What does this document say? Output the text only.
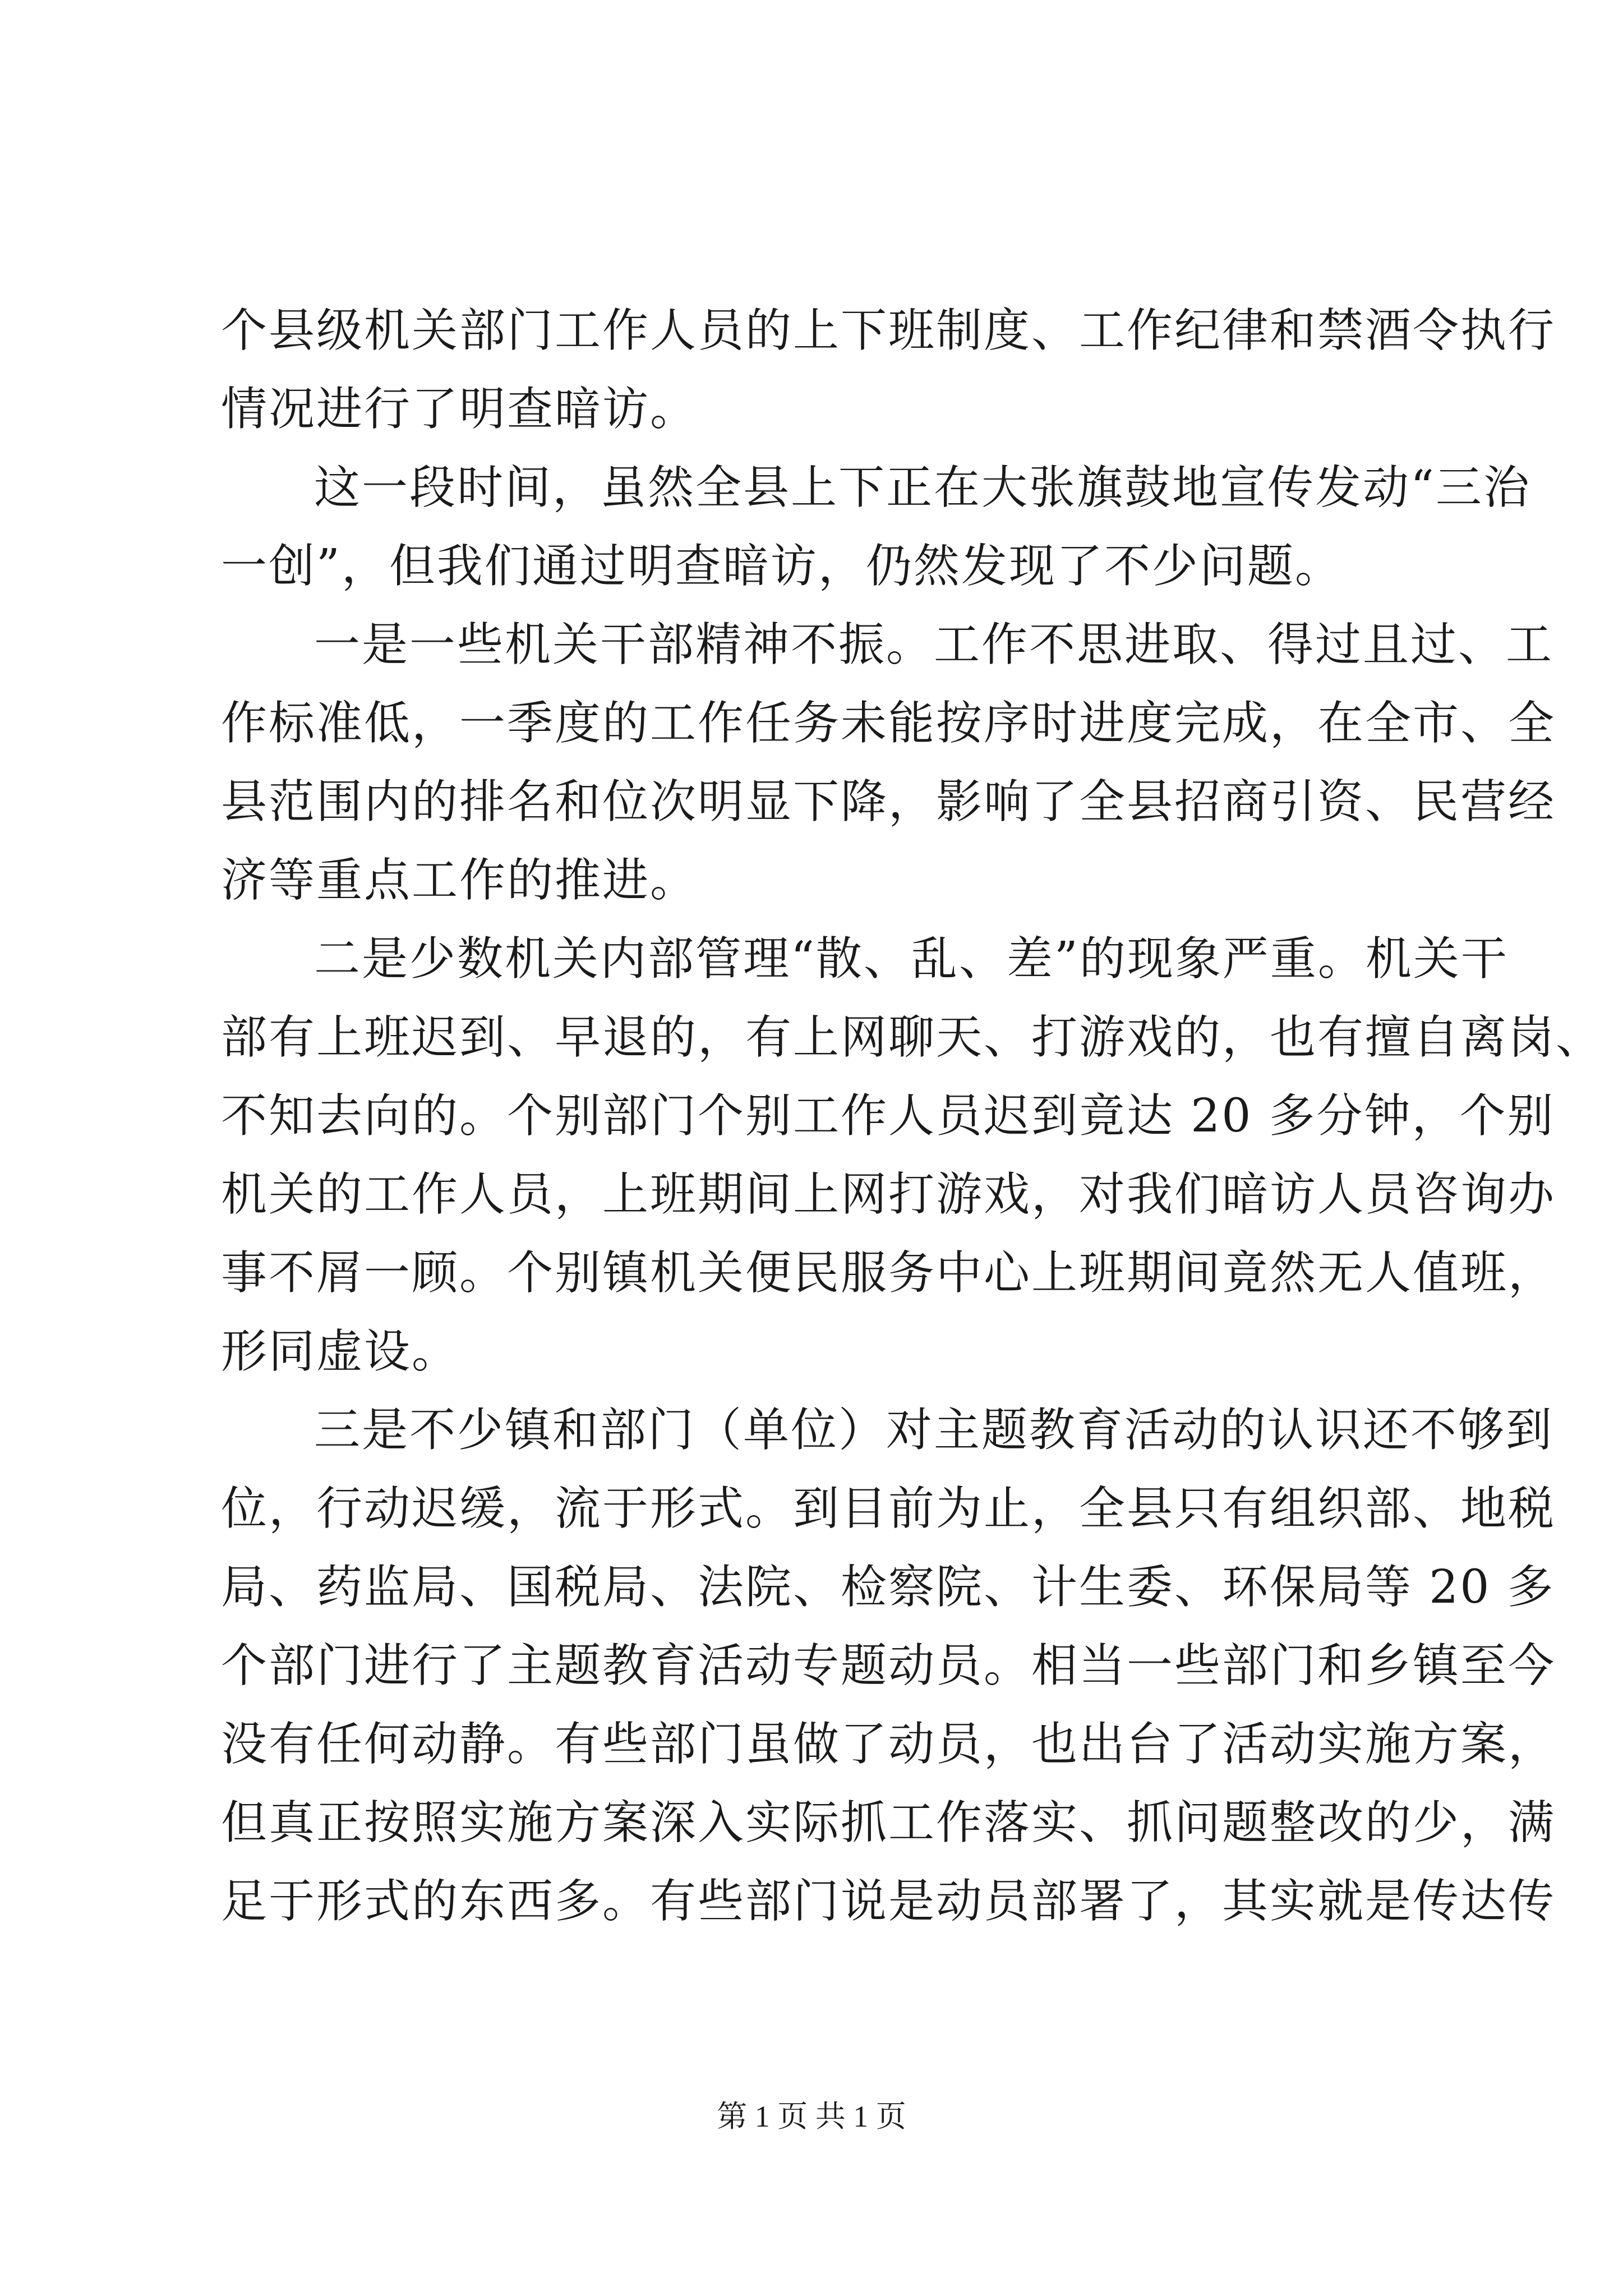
个县级机关部门工作人员的上下班制度、工作纪律和禁酒令执行
情况进行了明查暗访。
这一段时间，虽然全县上下正在大张旗鼓地宣传发动“三治
一创”，但我们通过明查暗访，仍然发现了不少问题。
一是一些机关干部精神不振。工作不思进取、得过且过、工
作标准低，一季度的工作任务未能按序时进度完成，在全市、全
县范围内的排名和位次明显下降，影响了全县招商引资、民营经
济等重点工作的推进。
二是少数机关内部管理“散、乱、差”的现象严重。机关干
部有上班迟到、早退的，有上网聊天、打游戏的，也有擅自离岗、
不知去向的。个别部门个别工作人员迟到竟达 20 多分钟，个别
机关的工作人员，上班期间上网打游戏，对我们暗访人员咨询办
事不屑一顾。个别镇机关便民服务中心上班期间竟然无人值班，
形同虚设。
三是不少镇和部门（单位）对主题教育活动的认识还不够到
位，行动迟缓，流于形式。到目前为止，全县只有组织部、地税
局、药监局、国税局、法院、检察院、计生委、环保局等 20 多
个部门进行了主题教育活动专题动员。相当一些部门和乡镇至今
没有任何动静。有些部门虽做了动员，也出台了活动实施方案，
但真正按照实施方案深入实际抓工作落实、抓问题整改的少，满
足于形式的东西多。有些部门说是动员部署了，其实就是传达传
第 1 页 共 1 页
